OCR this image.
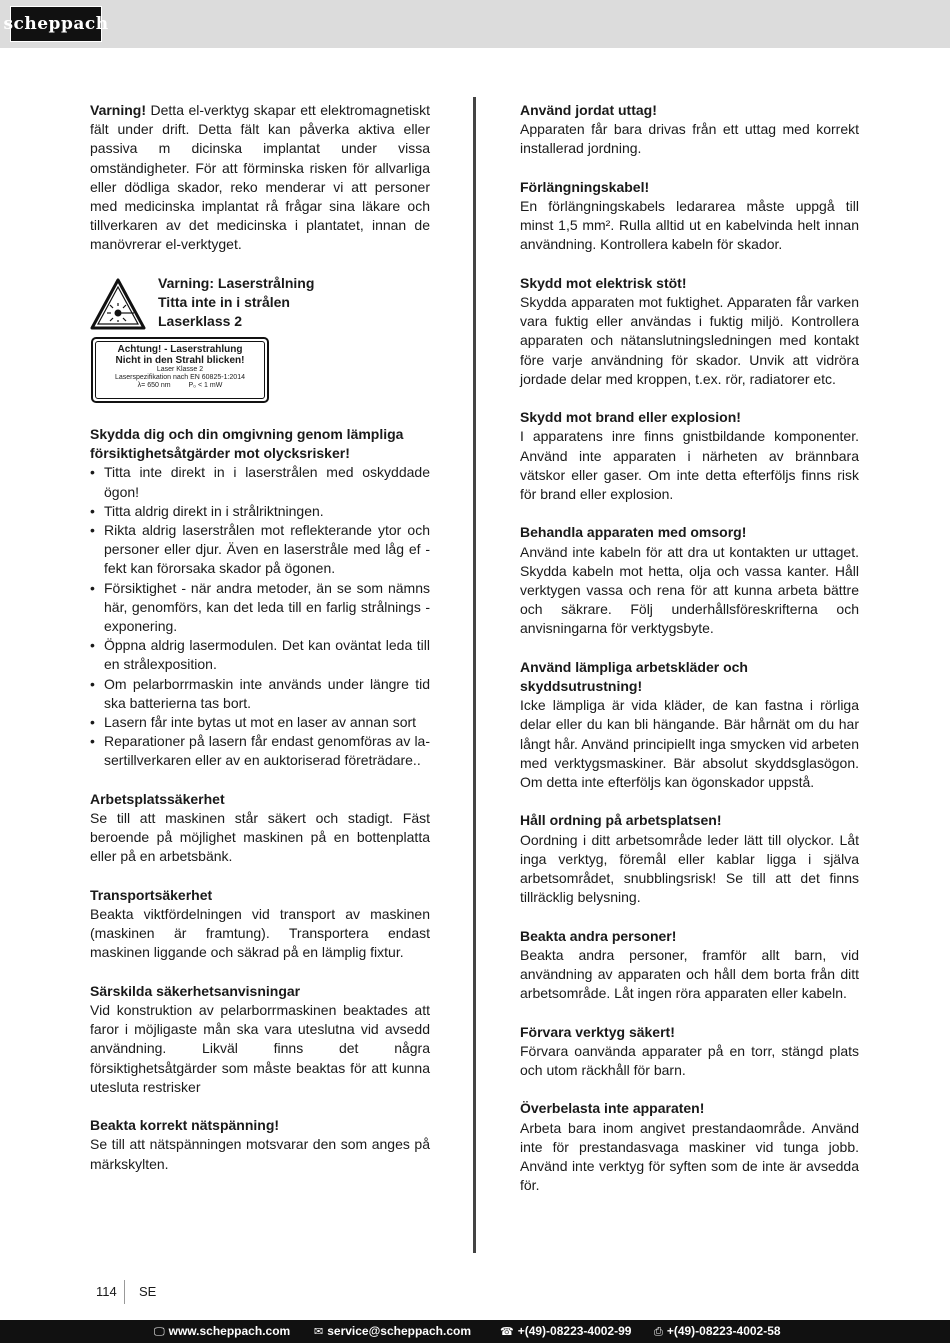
scheppach

Varning! Detta el-verktyg skapar ett elektromagnetiskt fält under drift. Detta fält kan påverka aktiva eller passiva m dicinska implantat under vissa omständigheter. För att förminska risken för allvarliga eller dödliga skador, reko menderar vi att personer med medicinska implantat rå frågar sina läkare och tillverkaren av det medicinska i plantatet, innan de manövrerar el-verktyget.

Varning: Laserstrålning
Titta inte in i strålen
Laserklass 2
Achtung! - Laserstrahlung
Nicht in den Strahl blicken!
Laser Klasse 2
Laserspezifikation nach EN 60825-1:2014
λ= 650 nm	P₀ < 1 mW
Skydda dig och din omgivning genom lämpliga försiktighetsåtgärder mot olycksrisker!
• Titta inte direkt in i laserstrålen med oskyddade ögon!
• Titta aldrig direkt in i strålriktningen.
• Rikta aldrig laserstrålen mot reflekterande ytor och personer eller djur. Även en laserstråle med låg ef - fekt kan förorsaka skador på ögonen.
• Försiktighet - när andra metoder, än se som nämns här, genomförs, kan det leda till en farlig strålnings - exponering.
• Öppna aldrig lasermodulen. Det kan oväntat leda till en strålexposition.
• Om pelarborrmaskin inte används under längre tid ska batterierna tas bort.
• Lasern får inte bytas ut mot en laser av annan sort
• Reparationer på lasern får endast genomföras av la- sertillverkaren eller av en auktoriserad företrädare..
Arbetsplatssäkerhet

Se till att maskinen står säkert och stadigt. Fäst beroende på möjlighet maskinen på en bottenplatta eller på en arbetsbänk.

Transportsäkerhet

Beakta viktfördelningen vid transport av maskinen (maskinen är framtung). Transportera endast maskinen liggande och säkrad på en lämplig fixtur.

Särskilda säkerhetsanvisningar

Vid konstruktion av pelarborrmaskinen beaktades att faror i möjligaste mån ska vara uteslutna vid avsedd användning. Likväl finns det några försiktighetsåtgärder som måste beaktas för att kunna utesluta restrisker

Beakta korrekt nätspänning!

Se till att nätspänningen motsvarar den som anges på märkskylten.

Använd jordat uttag!

Apparaten får bara drivas från ett uttag med korrekt installerad jordning.

Förlängningskabel!

En förlängningskabels ledararea måste uppgå till minst 1,5 mm². Rulla alltid ut en kabelvinda helt innan användning. Kontrollera kabeln för skador.

Skydd mot elektrisk stöt!

Skydda apparaten mot fuktighet. Apparaten får varken vara fuktig eller användas i fuktig miljö. Kontrollera apparaten och nätanslutningsledningen med kontakt före varje användning för skador. Unvik att vidröra jordade delar med kroppen, t.ex. rör, radiatorer etc.

Skydd mot brand eller explosion!

I apparatens inre finns gnistbildande komponenter. Använd inte apparaten i närheten av brännbara vätskor eller gaser. Om inte detta efterföljs finns risk för brand eller explosion.

Behandla apparaten med omsorg!

Använd inte kabeln för att dra ut kontakten ur uttaget. Skydda kabeln mot hetta, olja och vassa kanter. Håll verktygen vassa och rena för att kunna arbeta bättre och säkrare. Följ underhållsföreskrifterna och anvisningarna för verktygsbyte.

Använd lämpliga arbetskläder och skyddsutrustning!

Icke lämpliga är vida kläder, de kan fastna i rörliga delar eller du kan bli hängande. Bär hårnät om du har långt hår. Använd principiellt inga smycken vid arbeten med verktygsmaskiner. Bär absolut skyddsglasögon. Om detta inte efterföljs kan ögonskador uppstå.

Håll ordning på arbetsplatsen!

Oordning i ditt arbetsområde leder lätt till olyckor. Låt inga verktyg, föremål eller kablar ligga i själva arbetsområdet, snubblingsrisk! Se till att det finns tillräcklig belysning.

Beakta andra personer!

Beakta andra personer, framför allt barn, vid användning av apparaten och håll dem borta från ditt arbetsområde. Låt ingen röra apparaten eller kabeln.

Förvara verktyg säkert!

Förvara oanvända apparater på en torr, stängd plats och utom räckhåll för barn.

Överbelasta inte apparaten!

Arbeta bara inom angivet prestandaområde. Använd inte för prestandasvaga maskiner vid tunga jobb. Använd inte verktyg för syften som de inte är avsedda för.

114 SE
🖵 www.scheppach.com ✉ service@scheppach.com	☎ +(49)-08223-4002-99 ⎙ +(49)-08223-4002-58
